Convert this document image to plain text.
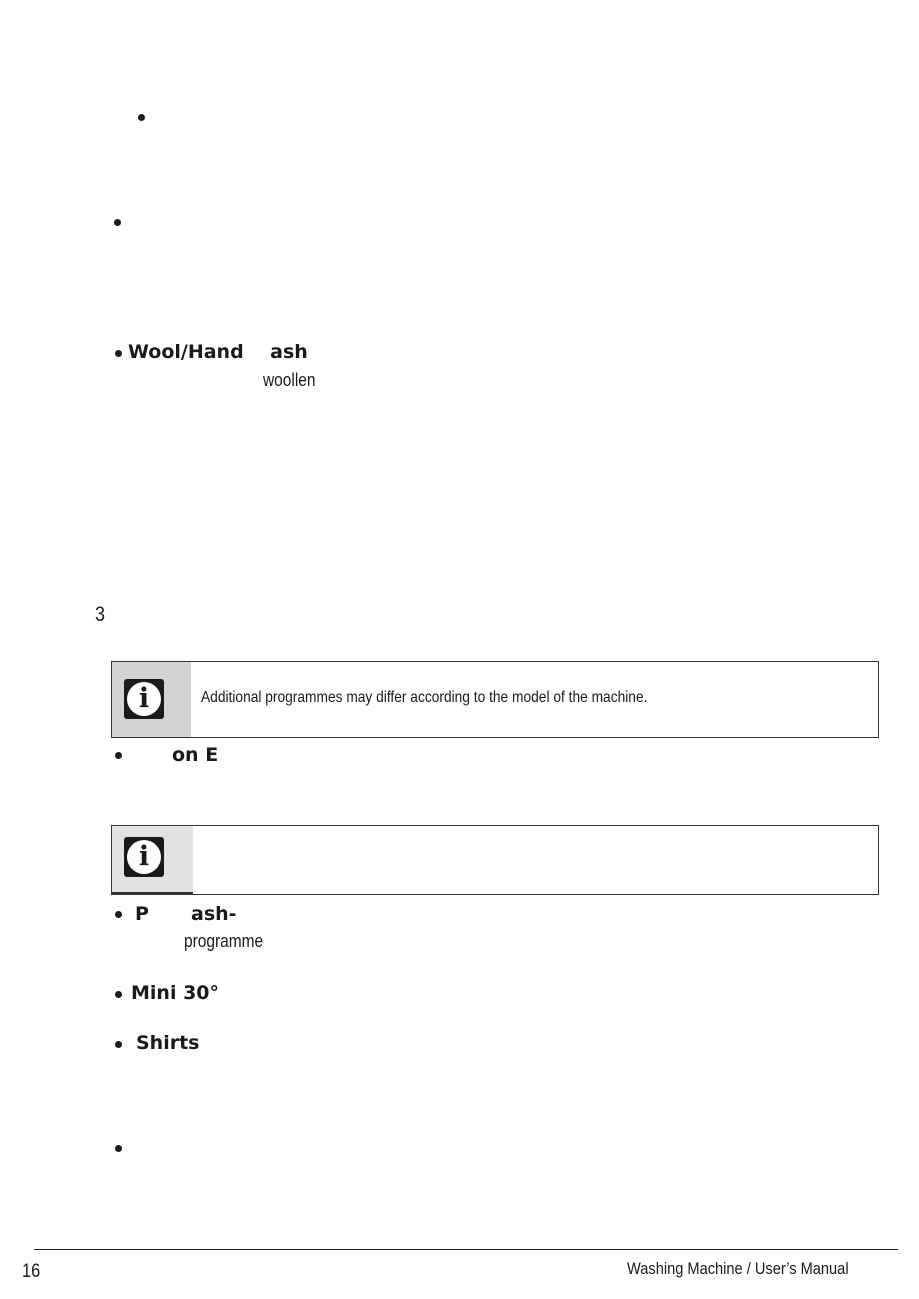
Wool/Hand    ash
woollen
3
i	Additional programmes may differ according to the model of the machine.
on E
i
P ash-
programme
Mini 30°
Shirts
16	Washing Machine / User’s Manual
